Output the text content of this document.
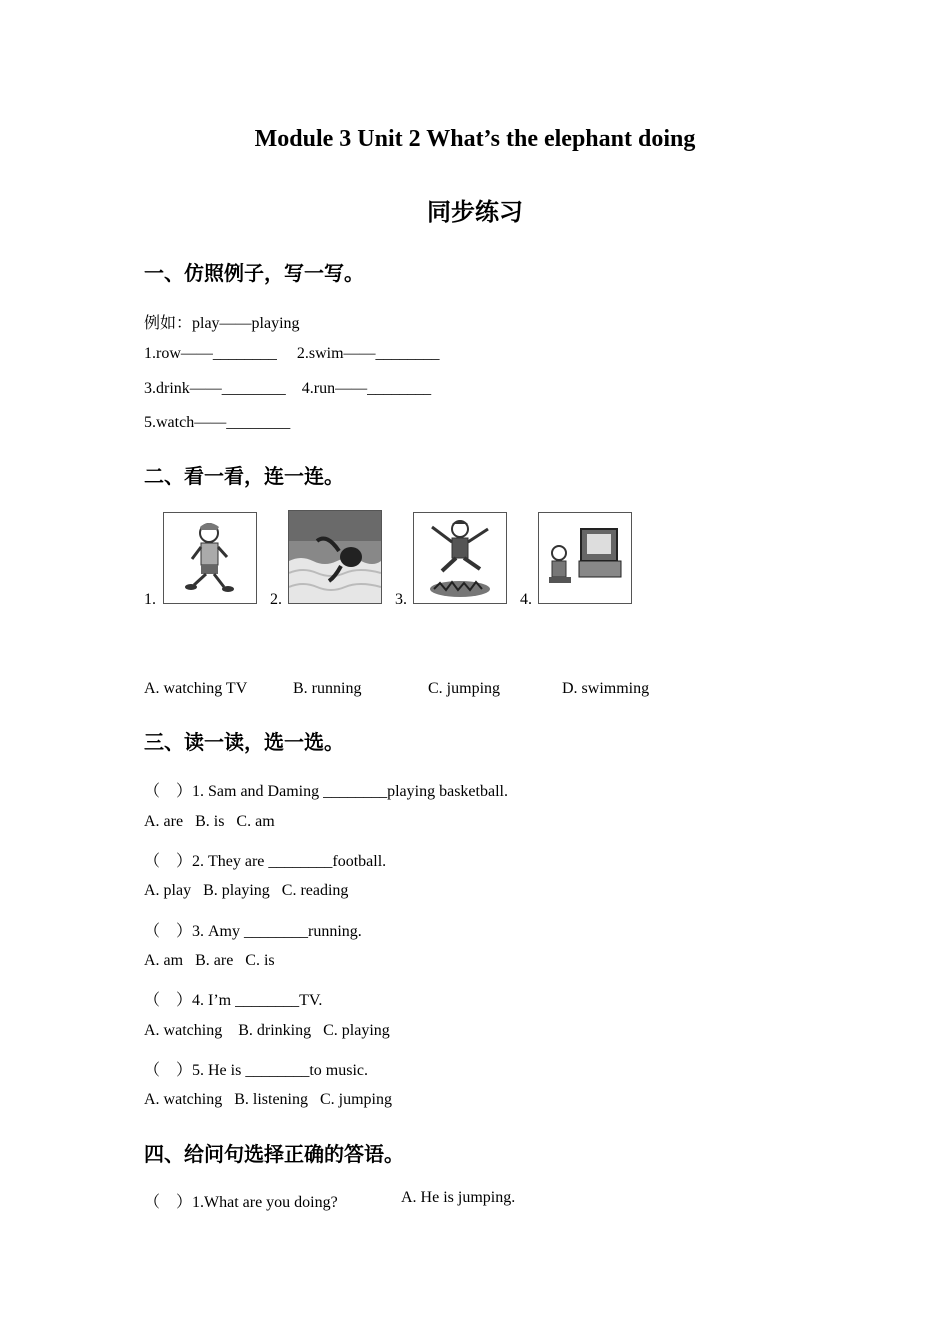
Module 3 Unit 2 What’s the elephant doing
同步练习
一、仿照例子，写一写。
例如：play——playing
1.row——________     2.swim——________
3.drink——________    4.run——________
5.watch——________
二、看一看，连一连。
1.	2.	3.	4.
A. watching TV	B. running	C. jumping	D. swimming
三、读一读，选一选。
（    ）1. Sam and Daming ________playing basketball.
A. are   B. is   C. am
（    ）2. They are ________football.
A. play   B. playing   C. reading
（    ）3. Amy ________running.
A. am   B. are   C. is
（    ）4. I’m ________TV.
A. watching    B. drinking   C. playing
（    ）5. He is ________to music.
A. watching   B. listening   C. jumping
四、给问句选择正确的答语。
（    ）1.What are you doing?	A. He is jumping.
